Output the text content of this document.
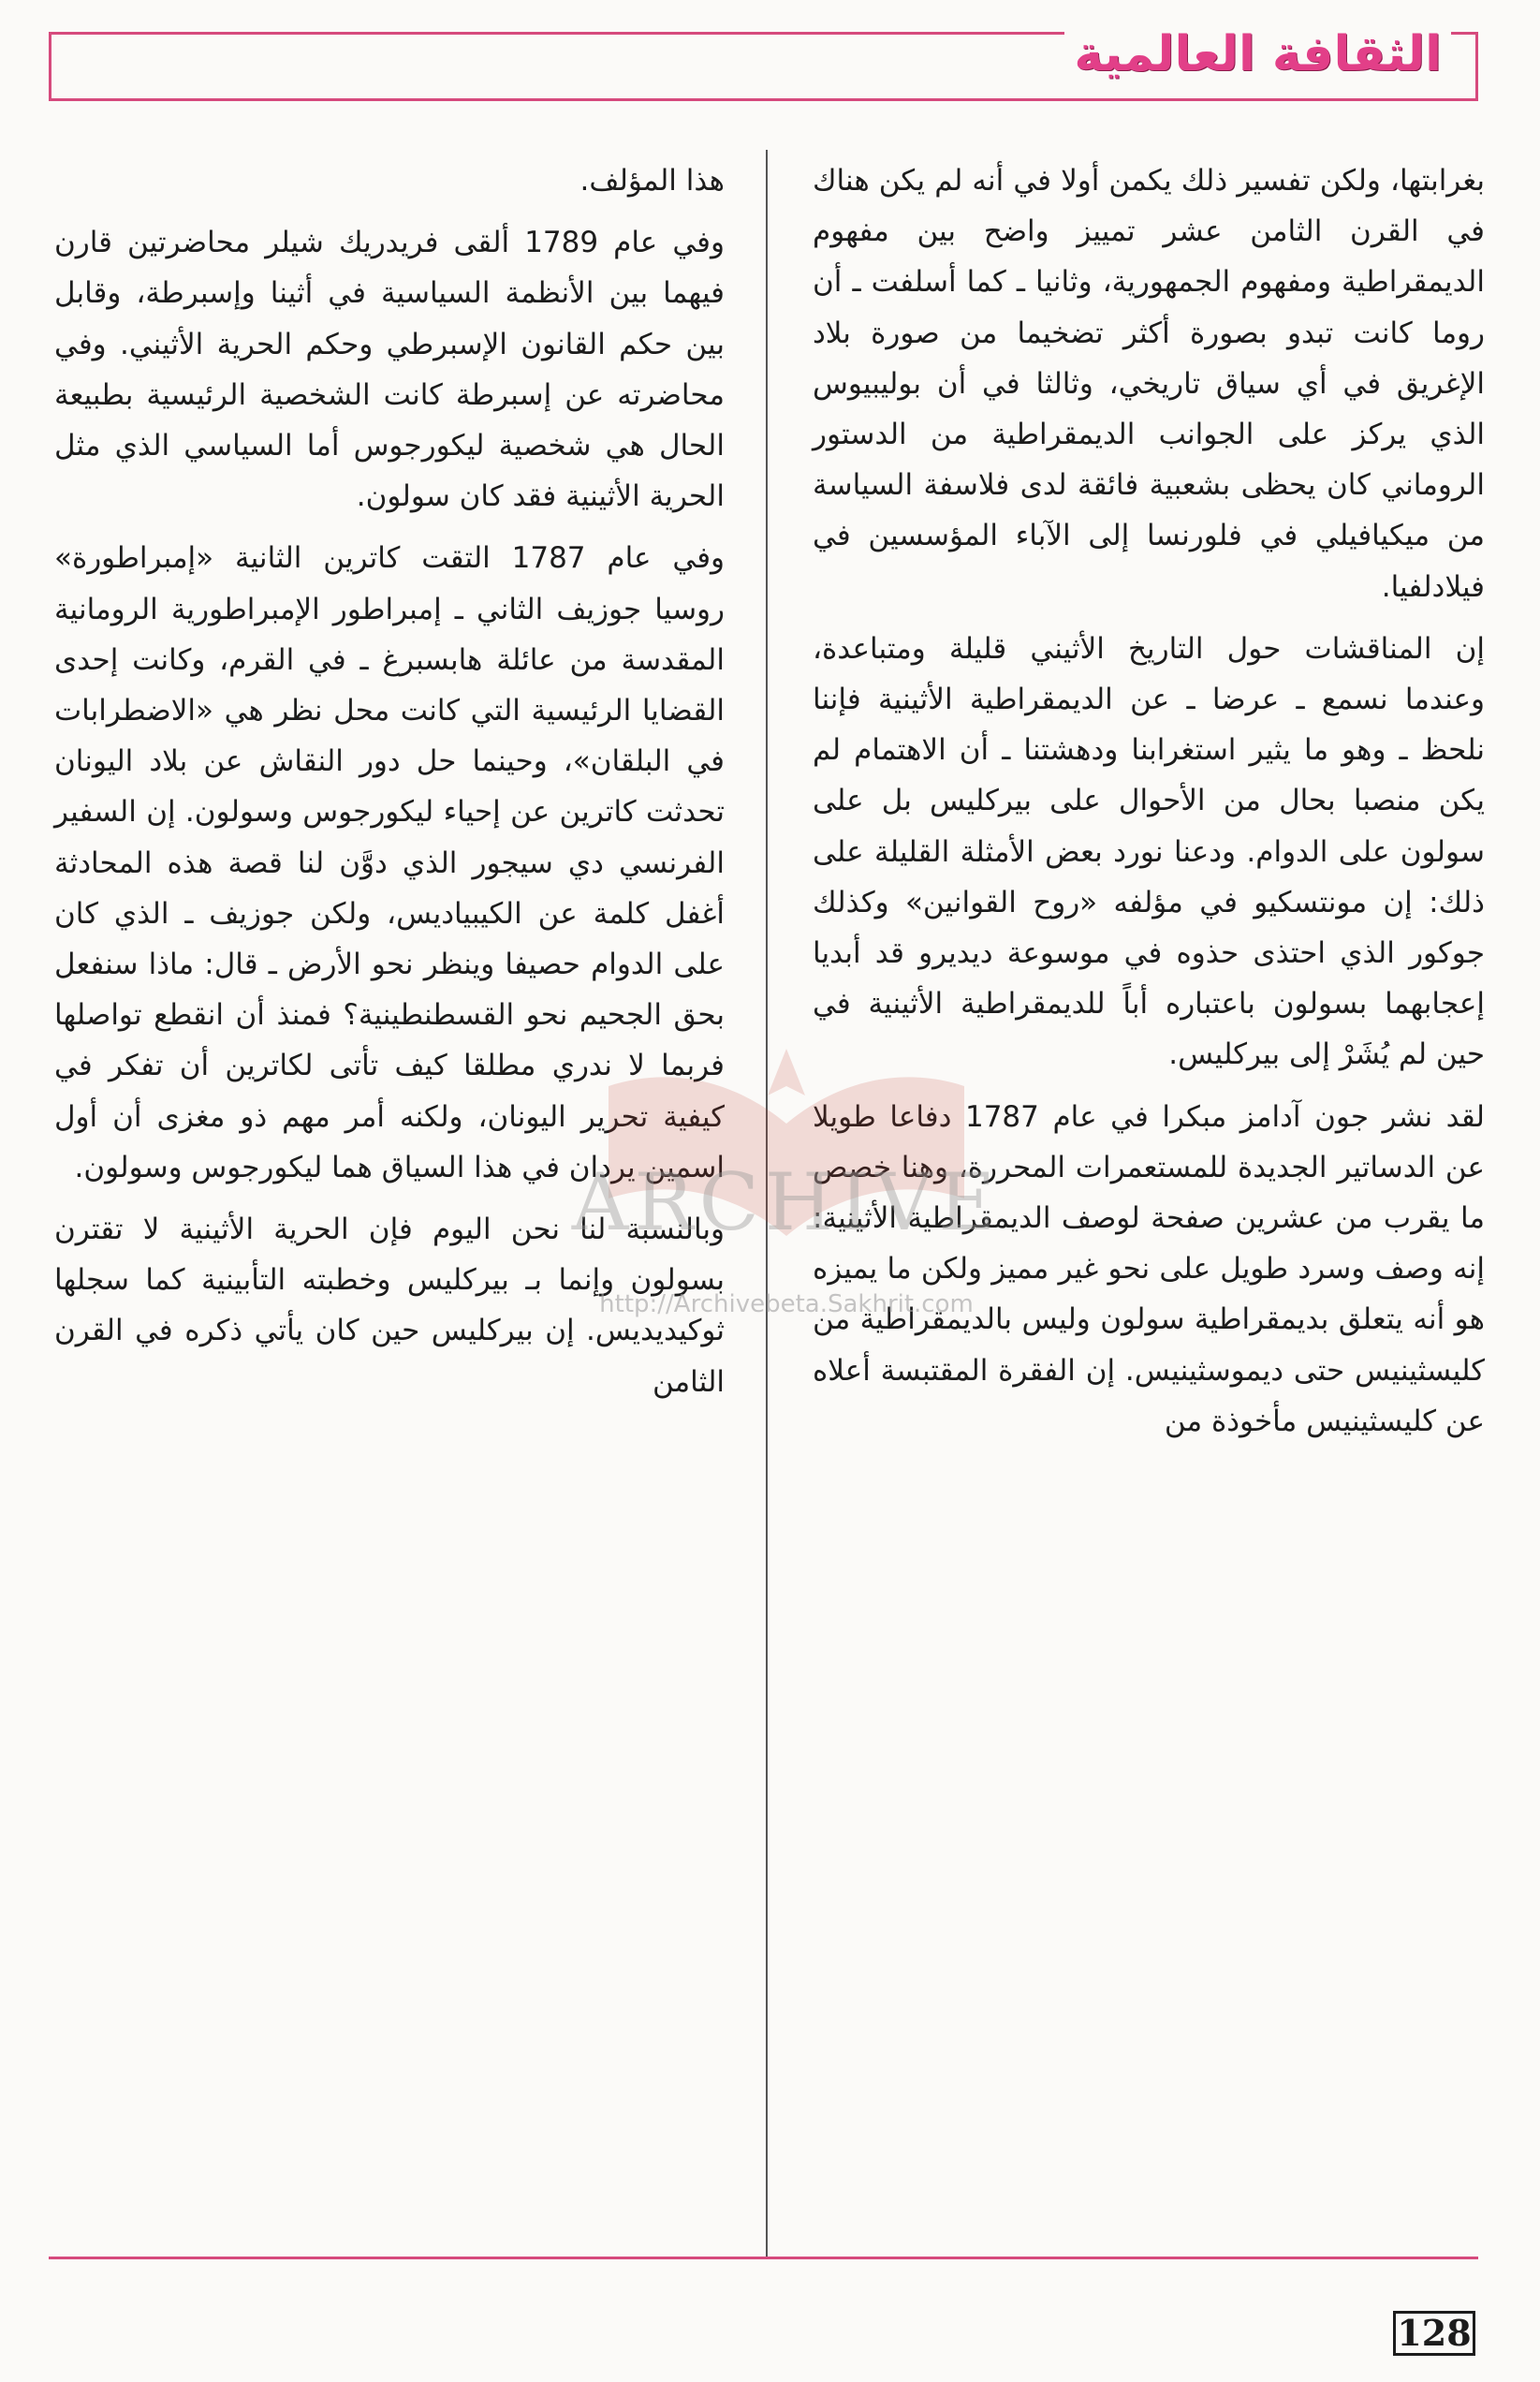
الثقافة العالمية

بغرابتها، ولكن تفسير ذلك يكمن أولا في أنه لم يكن هناك في القرن الثامن عشر تمييز واضح بين مفهوم الديمقراطية ومفهوم الجمهورية، وثانيا ـ كما أسلفت ـ أن روما كانت تبدو بصورة أكثر تضخيما من صورة بلاد الإغريق في أي سياق تاريخي، وثالثا في أن بوليبيوس الذي يركز على الجوانب الديمقراطية من الدستور الروماني كان يحظى بشعبية فائقة لدى فلاسفة السياسة من ميكيافيلي في فلورنسا إلى الآباء المؤسسين في فيلادلفيا.

إن المناقشات حول التاريخ الأثيني قليلة ومتباعدة، وعندما نسمع ـ عرضا ـ عن الديمقراطية الأثينية فإننا نلحظ ـ وهو ما يثير استغرابنا ودهشتنا ـ أن الاهتمام لم يكن منصبا بحال من الأحوال على بيركليس بل على سولون على الدوام. ودعنا نورد بعض الأمثلة القليلة على ذلك: إن مونتسكيو في مؤلفه «روح القوانين» وكذلك جوكور الذي احتذى حذوه في موسوعة ديديرو قد أبديا إعجابهما بسولون باعتباره أباً للديمقراطية الأثينية في حين لم يُشَرْ إلى بيركليس.

لقد نشر جون آدامز مبكرا في عام 1787 دفاعا طويلا عن الدساتير الجديدة للمستعمرات المحررة، وهنا خصص ما يقرب من عشرين صفحة لوصف الديمقراطية الأثينية: إنه وصف وسرد طويل على نحو غير مميز ولكن ما يميزه هو أنه يتعلق بديمقراطية سولون وليس بالديمقراطية من كليسثينيس حتى ديموسثينيس. إن الفقرة المقتبسة أعلاه عن كليسثينيس مأخوذة من

هذا المؤلف.

وفي عام 1789 ألقى فريدريك شيلر محاضرتين قارن فيهما بين الأنظمة السياسية في أثينا وإسبرطة، وقابل بين حكم القانون الإسبرطي وحكم الحرية الأثيني. وفي محاضرته عن إسبرطة كانت الشخصية الرئيسية بطبيعة الحال هي شخصية ليكورجوس أما السياسي الذي مثل الحرية الأثينية فقد كان سولون.

وفي عام 1787 التقت كاترين الثانية «إمبراطورة» روسيا جوزيف الثاني ـ إمبراطور الإمبراطورية الرومانية المقدسة من عائلة هابسبرغ ـ في القرم، وكانت إحدى القضايا الرئيسية التي كانت محل نظر هي «الاضطرابات في البلقان»، وحينما حل دور النقاش عن بلاد اليونان تحدثت كاترين عن إحياء ليكورجوس وسولون. إن السفير الفرنسي دي سيجور الذي دوَّن لنا قصة هذه المحادثة أغفل كلمة عن الكيبياديس، ولكن جوزيف ـ الذي كان على الدوام حصيفا وينظر نحو الأرض ـ قال: ماذا سنفعل بحق الجحيم نحو القسطنطينية؟ فمنذ أن انقطع تواصلها فربما لا ندري مطلقا كيف تأتى لكاترين أن تفكر في كيفية تحرير اليونان، ولكنه أمر مهم ذو مغزى أن أول اسمين يردان في هذا السياق هما ليكورجوس وسولون.

وبالنسبة لنا نحن اليوم فإن الحرية الأثينية لا تقترن بسولون وإنما بـ بيركليس وخطبته التأبينية كما سجلها ثوكيديديس. إن بيركليس حين كان يأتي ذكره في القرن الثامن

ARCHIVE
http://Archivebeta.Sakhrit.com
128
